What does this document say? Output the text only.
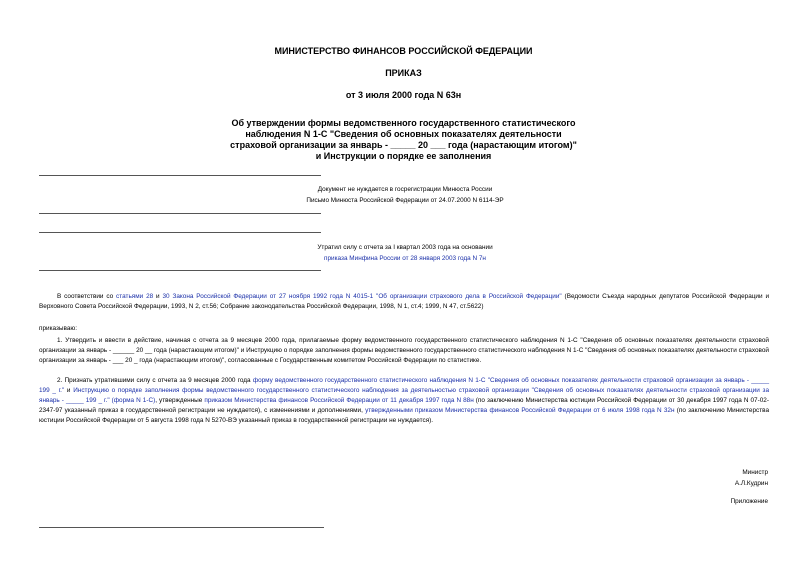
МИНИСТЕРСТВО ФИНАНСОВ РОССИЙСКОЙ ФЕДЕРАЦИИ
ПРИКАЗ
от 3 июля 2000 года N 63н
Об утверждении формы ведомственного государственного статистического
наблюдения N 1-С "Сведения об основных показателях деятельности
страховой организации за январь - _____ 20 ___ года (нарастающим итогом)"
и Инструкции о порядке ее заполнения
Документ не нуждается в госрегистрации Минюста России
Письмо Минюста Российской Федерации от 24.07.2000 N 6114-ЭР
Утратил силу с отчета за I квартал 2003 года на основании
приказа Минфина России от 28 января 2003 года N 7н
В соответствии со статьями 28 и 30 Закона Российской Федерации от 27 ноября 1992 года N 4015-1 "Об организации страхового дела в Российской Федерации" (Ведомости Съезда народных депутатов Российской Федерации и Верховного Совета Российской Федерации, 1993, N 2, ст.56; Собрание законодательства Российской Федерации, 1998, N 1, ст.4; 1999, N 47, ст.5622)
приказываю:
1. Утвердить и ввести в действие, начиная с отчета за 9 месяцев 2000 года, прилагаемые форму ведомственного государственного статистического наблюдения N 1-С "Сведения об основных показателях деятельности страховой организации за январь - ______ 20 __ года (нарастающим итогом)" и Инструкцию о порядке заполнения формы ведомственного государственного статистического наблюдения N 1-С "Сведения об основных показателях деятельности страховой организации за январь - ___ 20 _ года (нарастающим итогом)", согласованные с Государственным комитетом Российской Федерации по статистике.
2. Признать утратившими силу с отчета за 9 месяцев 2000 года форму ведомственного государственного статистического наблюдения N 1-С "Сведения об основных показателях деятельности страховой организации за январь - _____ 199 _ г." и Инструкцию о порядке заполнения формы ведомственного государственного статистического наблюдения за деятельностью страховой организации "Сведения об основных показателях деятельности страховой организации за январь - _____ 199 _ г." (форма N 1-С), утвержденные приказом Министерства финансов Российской Федерации от 11 декабря 1997 года N 88н (по заключению Министерства юстиции Российской Федерации от 30 декабря 1997 года N 07-02-2347-97 указанный приказ в государственной регистрации не нуждается), с изменениями и дополнениями, утвержденными приказом Министерства финансов Российской Федерации от 6 июля 1998 года N 32н (по заключению Министерства юстиции Российской Федерации от 5 августа 1998 года N 5270-ВЭ указанный приказ в государственной регистрации не нуждается).
Министр
А.Л.Кудрин
Приложение
